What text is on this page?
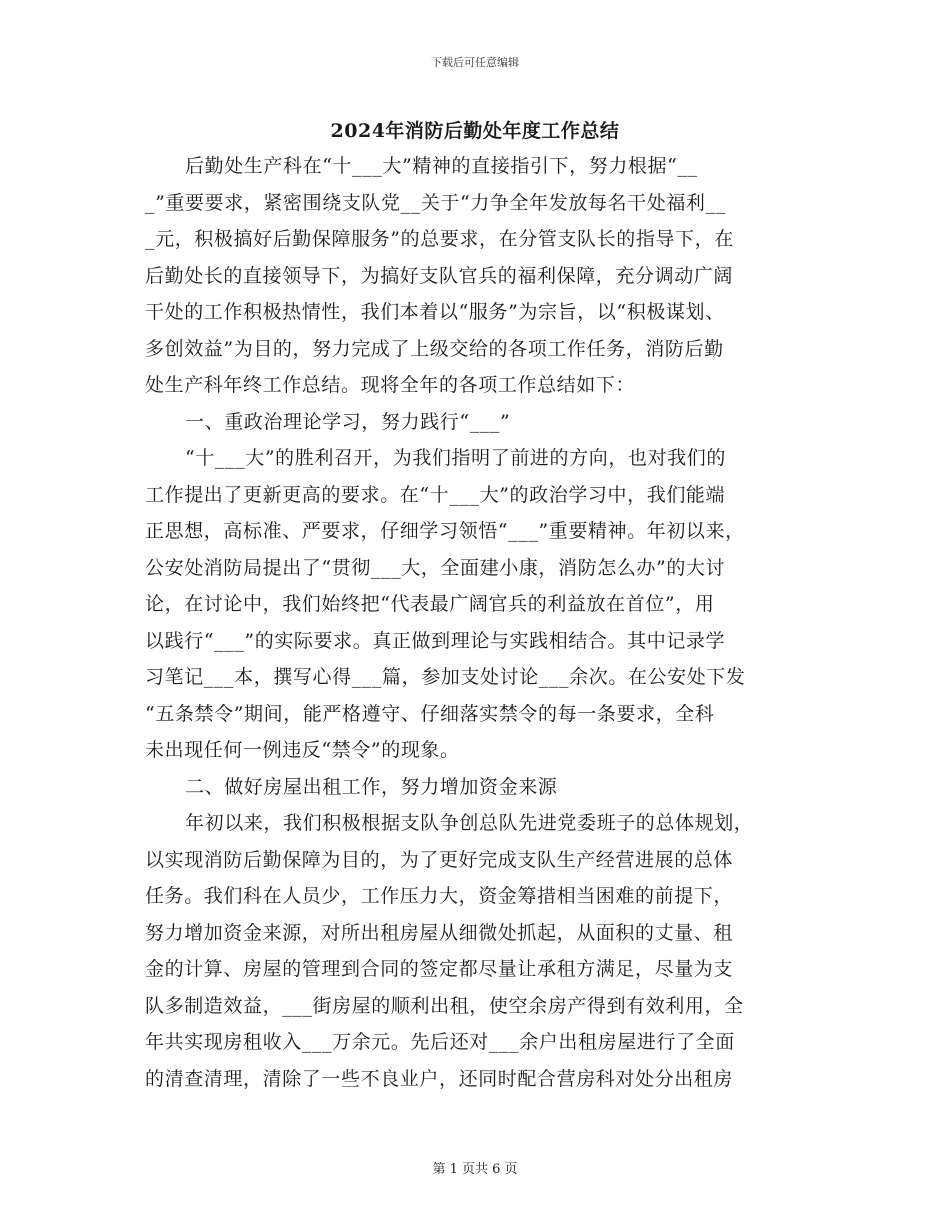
下载后可任意编辑
2024年消防后勤处年度工作总结
后勤处生产科在“十___大”精神的直接指引下，努力根据“__
_”重要要求，紧密围绕支队党__关于“力争全年发放每名干处福利__
_元，积极搞好后勤保障服务”的总要求，在分管支队长的指导下，在
后勤处长的直接领导下，为搞好支队官兵的福利保障，充分调动广阔
干处的工作积极热情性，我们本着以“服务”为宗旨，以“积极谋划、
多创效益”为目的，努力完成了上级交给的各项工作任务，消防后勤
处生产科年终工作总结。现将全年的各项工作总结如下：
一、重政治理论学习，努力践行“___”
“十___大”的胜利召开，为我们指明了前进的方向，也对我们的
工作提出了更新更高的要求。在“十___大”的政治学习中，我们能端
正思想，高标准、严要求，仔细学习领悟“___”重要精神。年初以来，
公安处消防局提出了“贯彻___大，全面建小康，消防怎么办”的大讨
论，在讨论中，我们始终把“代表最广阔官兵的利益放在首位”，用
以践行“___”的实际要求。真正做到理论与实践相结合。其中记录学
习笔记___本，撰写心得___篇，参加支处讨论___余次。在公安处下发
“五条禁令”期间，能严格遵守、仔细落实禁令的每一条要求，全科
未出现任何一例违反“禁令”的现象。
二、做好房屋出租工作，努力增加资金来源
年初以来，我们积极根据支队争创总队先进党委班子的总体规划，
以实现消防后勤保障为目的，为了更好完成支队生产经营进展的总体
任务。我们科在人员少，工作压力大，资金筹措相当困难的前提下，
努力增加资金来源，对所出租房屋从细微处抓起，从面积的丈量、租
金的计算、房屋的管理到合同的签定都尽量让承租方满足，尽量为支
队多制造效益，___街房屋的顺利出租，使空余房产得到有效利用，全
年共实现房租收入___万余元。先后还对___余户出租房屋进行了全面
的清查清理，清除了一些不良业户，还同时配合营房科对处分出租房
第 1 页共 6 页
